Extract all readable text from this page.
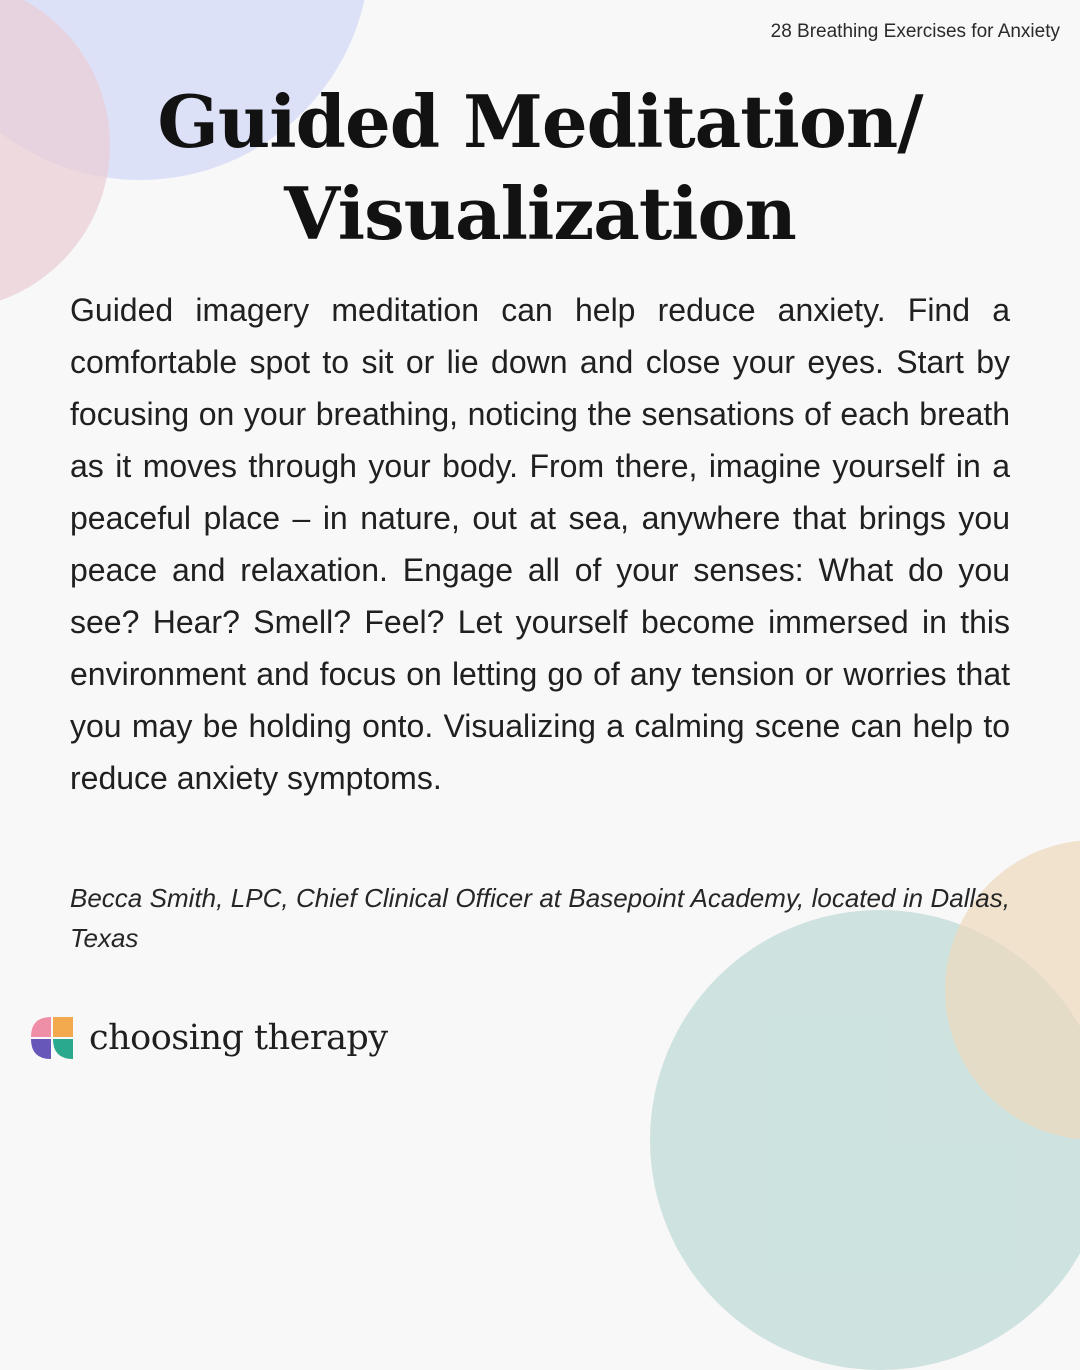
28 Breathing Exercises for Anxiety
Guided Meditation/
Visualization

Guided imagery meditation can help reduce anxiety. Find a comfortable spot to sit or lie down and close your eyes. Start by focusing on your breathing, noticing the sensations of each breath as it moves through your body. From there, imagine yourself in a peaceful place – in nature, out at sea, anywhere that brings you peace and relaxation. Engage all of your senses: What do you see? Hear? Smell? Feel? Let yourself become immersed in this environment and focus on letting go of any tension or worries that you may be holding onto. Visualizing a calming scene can help to reduce anxiety symptoms.

Becca Smith, LPC, Chief Clinical Officer at Basepoint Academy, located in Dallas, Texas

choosing therapy
